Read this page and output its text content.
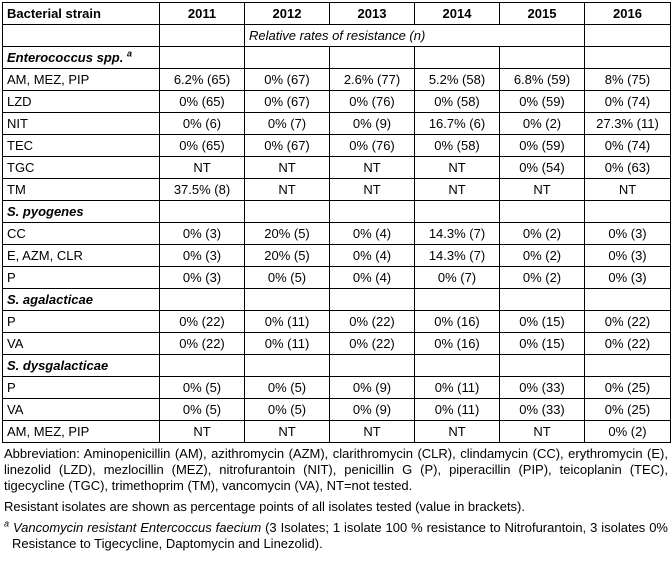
Bacterial strain	2011	2012	2013	2014	2015	2016
		Relative rates of resistance (n)				
Enterococcus spp. $^a$						
AM, MEZ, PIP	6.2% (65)	0% (67)	2.6% (77)	5.2% (58)	6.8% (59)	8% (75)
LZD	0% (65)	0% (67)	0% (76)	0% (58)	0% (59)	0% (74)
NIT	0% (6)	0% (7)	0% (9)	16.7% (6)	0% (2)	27.3% (11)
TEC	0% (65)	0% (67)	0% (76)	0% (58)	0% (59)	0% (74)
TGC	NT	NT	NT	NT	0% (54)	0% (63)
TM	37.5% (8)	NT	NT	NT	NT	NT
S. pyogenes						
CC	0% (3)	20% (5)	0% (4)	14.3% (7)	0% (2)	0% (3)
E, AZM, CLR	0% (3)	20% (5)	0% (4)	14.3% (7)	0% (2)	0% (3)
P	0% (3)	0% (5)	0% (4)	0% (7)	0% (2)	0% (3)
S. agalacticae						
P	0% (22)	0% (11)	0% (22)	0% (16)	0% (15)	0% (22)
VA	0% (22)	0% (11)	0% (22)	0% (16)	0% (15)	0% (22)
S. dysgalacticae						
P	0% (5)	0% (5)	0% (9)	0% (11)	0% (33)	0% (25)
VA	0% (5)	0% (5)	0% (9)	0% (11)	0% (33)	0% (25)
AM, MEZ, PIP	NT	NT	NT	NT	NT	0% (2)

Abbreviation: Aminopenicillin (AM), azithromycin (AZM), clarithromycin (CLR), clindamycin (CC), erythromycin (E), linezolid (LZD), mezlocillin (MEZ), nitrofurantoin (NIT), penicillin G (P), piperacillin (PIP), teicoplanin (TEC), tigecycline (TGC), trimethoprim (TM), vancomycin (VA), NT=not tested.

Resistant isolates are shown as percentage points of all isolates tested (value in brackets).

$^a$ Vancomycin resistant Entercoccus faecium (3 Isolates; 1 isolate 100 % resistance to Nitrofurantoin, 3 isolates 0% Resistance to Tigecycline, Daptomycin and Linezolid).
